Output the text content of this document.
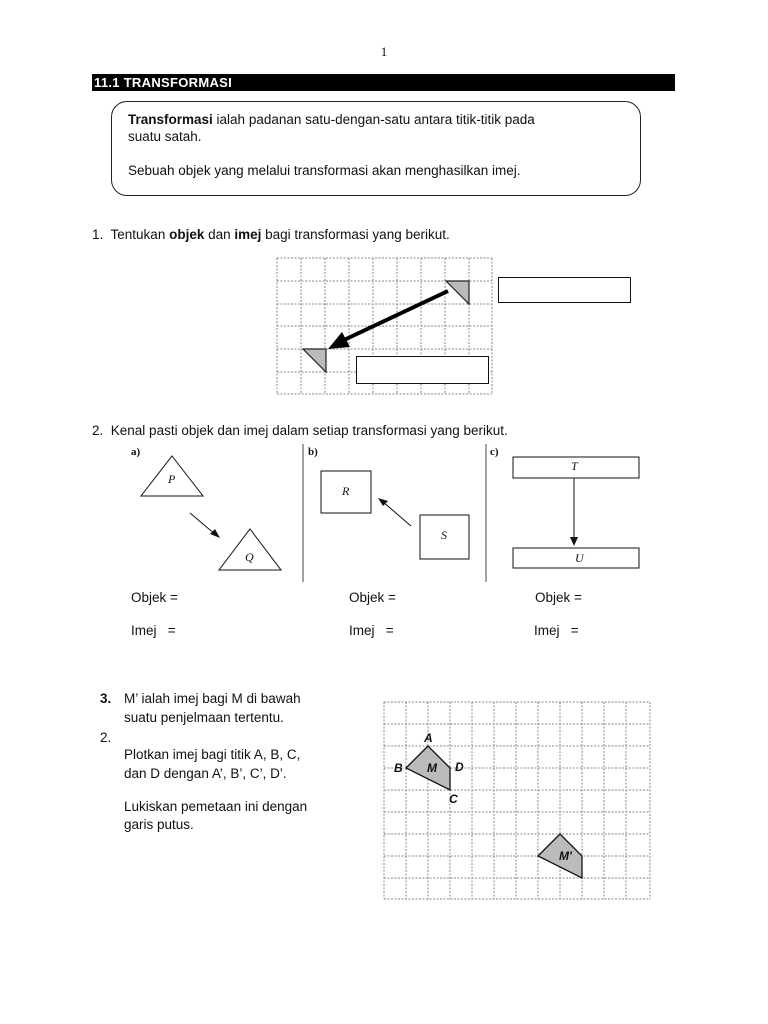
1
11.1 TRANSFORMASI

Transformasi ialah padanan satu-dengan-satu antara titik-titik pada

suatu satah.

Sebuah objek yang melalui transformasi akan menghasilkan imej.

1. Tentukan objek dan imej bagi transformasi yang berikut.
2. Kenal pasti objek dan imej dalam setiap transformasi yang berikut.
a)	b)	c)
P
Q
R
S
T
U
Objek =	Objek =	Objek =
Imej   =	Imej   =	Imej   =
3.
2.
M’ ialah imej bagi M di bawah
suatu penjelmaan tertentu.
Plotkan imej bagi titik A, B, C,
dan D dengan A’, B’, C’, D’.
Lukiskan pemetaan ini dengan
garis putus.
A
B
C
D
M
M'
